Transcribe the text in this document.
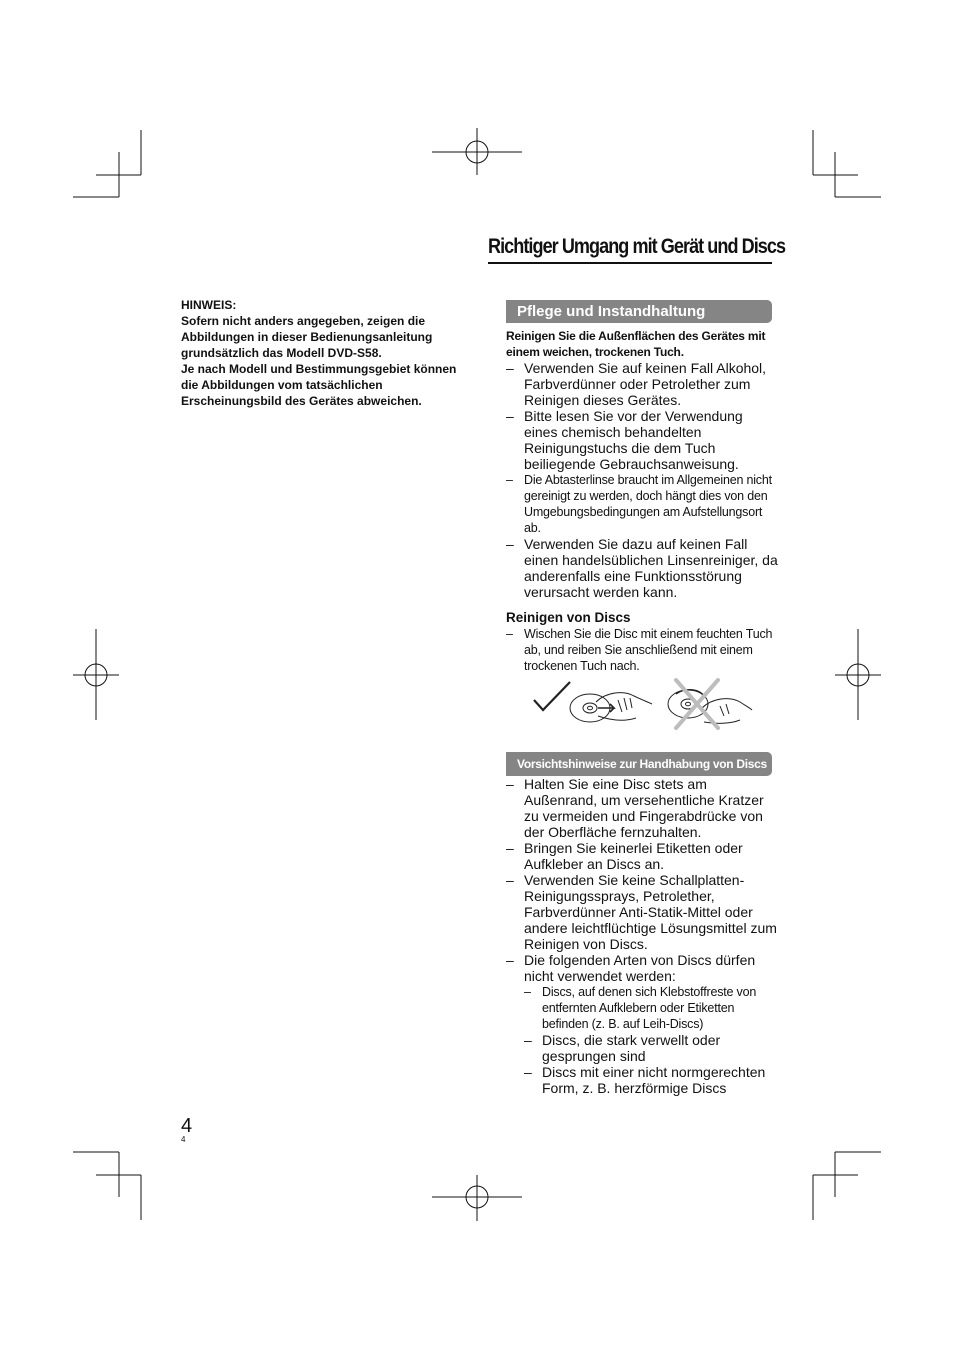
Richtiger Umgang mit Gerät und Discs

HINWEIS:

Sofern nicht anders angegeben, zeigen die Abbildungen in dieser Bedienungsanleitung grundsätzlich das Modell DVD-S58.

Je nach Modell und Bestimmungsgebiet können die Abbildungen vom tatsächlichen Erscheinungsbild des Gerätes abweichen.

Pflege und Instandhaltung
Reinigen Sie die Außenflächen des Gerätes mit einem weichen, trockenen Tuch.
– Verwenden Sie auf keinen Fall Alkohol, Farbverdünner oder Petrolether zum Reinigen dieses Gerätes.
– Bitte lesen Sie vor der Verwendung eines chemisch behandelten Reinigungstuchs die dem Tuch beiliegende Gebrauchsanweisung.
– Die Abtasterlinse braucht im Allgemeinen nicht gereinigt zu werden, doch hängt dies von den Umgebungsbedingungen am Aufstellungsort ab.
– Verwenden Sie dazu auf keinen Fall einen handelsüblichen Linsenreiniger, da anderenfalls eine Funktionsstörung verursacht werden kann.
Reinigen von Discs
– Wischen Sie die Disc mit einem feuchten Tuch ab, und reiben Sie anschließend mit einem trockenen Tuch nach.
Vorsichtshinweise zur Handhabung von Discs
– Halten Sie eine Disc stets am Außenrand, um versehentliche Kratzer zu vermeiden und Fingerabdrücke von der Oberfläche fernzuhalten.
– Bringen Sie keinerlei Etiketten oder Aufkleber an Discs an.
– Verwenden Sie keine Schallplatten-Reinigungssprays, Petrolether, Farbverdünner Anti-Statik-Mittel oder andere leichtflüchtige Lösungsmittel zum Reinigen von Discs.
– Die folgenden Arten von Discs dürfen nicht verwendet werden:
– Discs, auf denen sich Klebstoffreste von entfernten Aufklebern oder Etiketten befinden (z. B. auf Leih-Discs)
– Discs, die stark verwellt oder gesprungen sind
– Discs mit einer nicht normgerechten Form, z. B. herzförmige Discs
4
4
